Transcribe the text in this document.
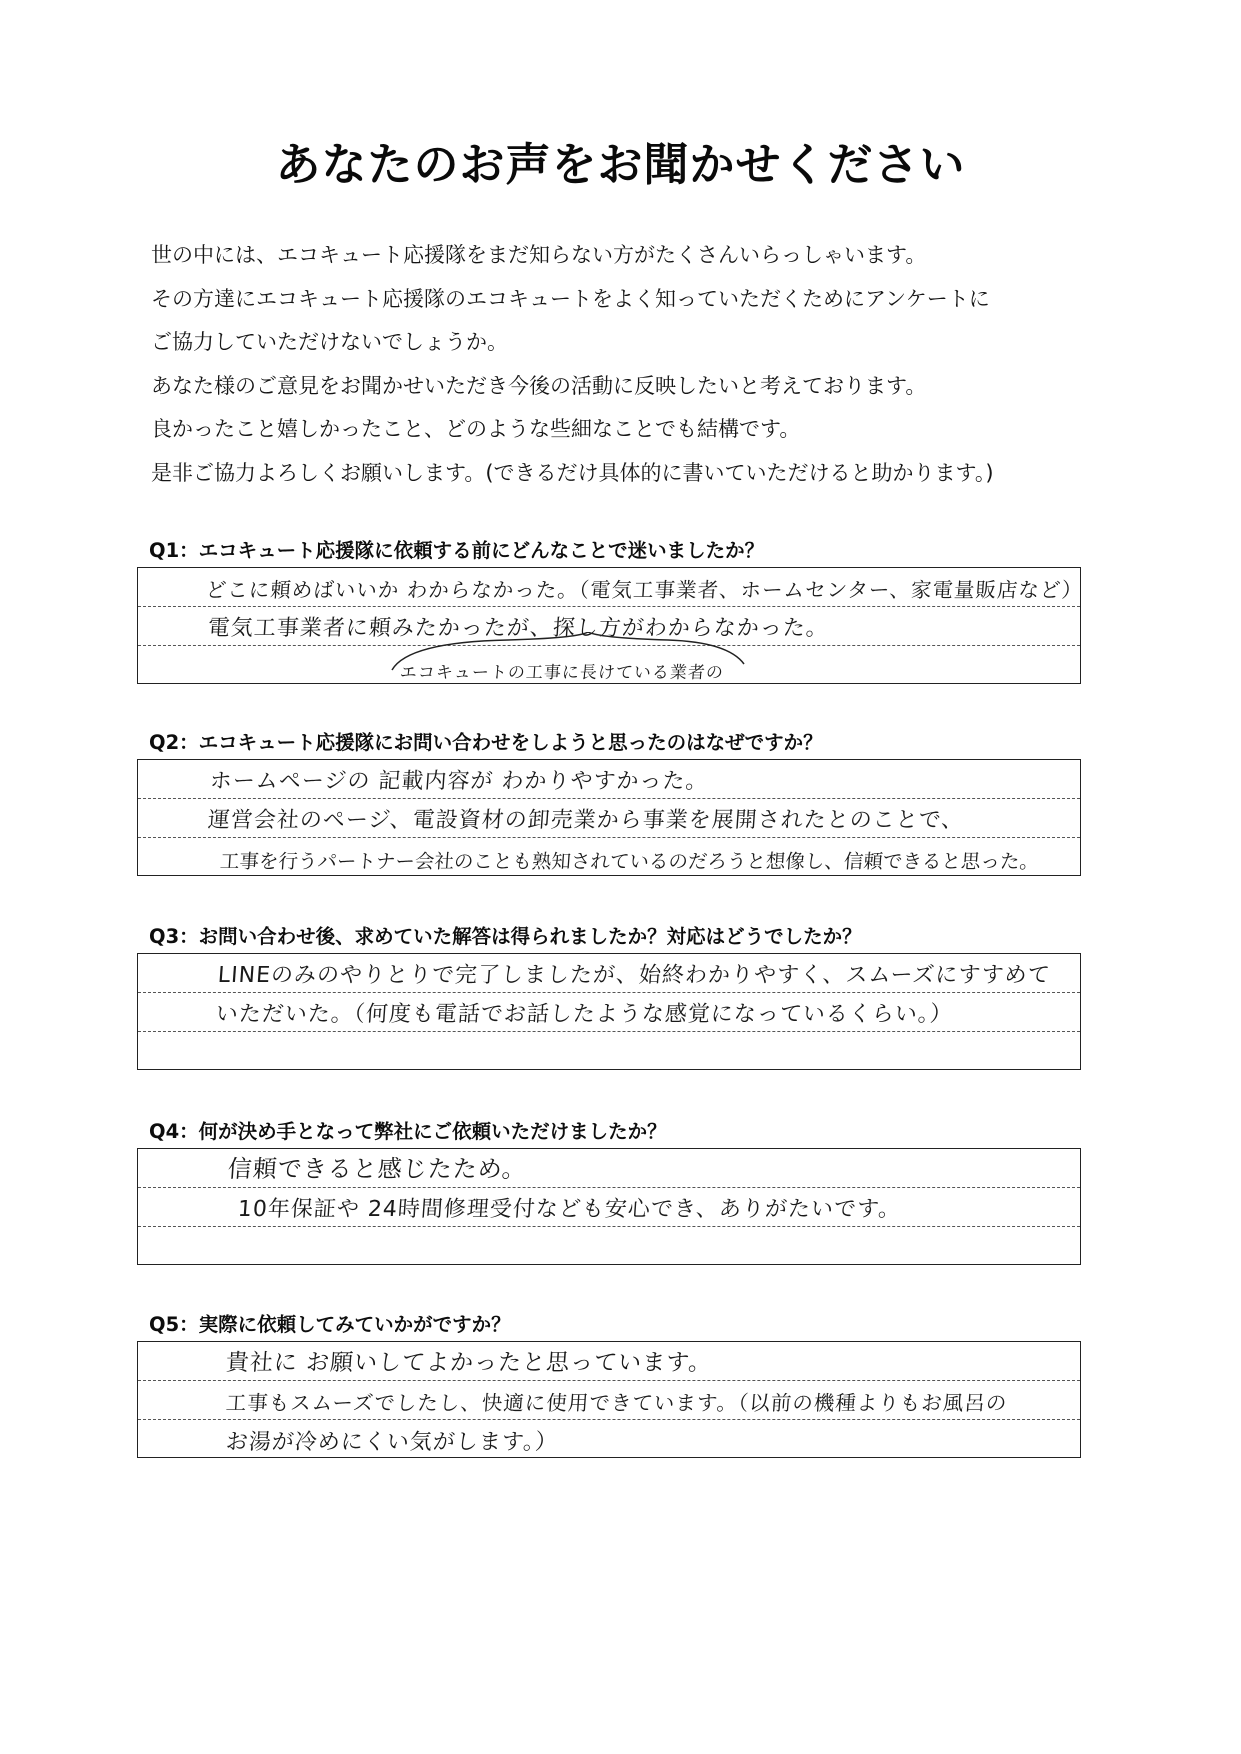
あなたのお声をお聞かせください
世の中には、エコキュート応援隊をまだ知らない方がたくさんいらっしゃいます。
その方達にエコキュート応援隊のエコキュートをよく知っていただくためにアンケートに
ご協力していただけないでしょうか。
あなた様のご意見をお聞かせいただき今後の活動に反映したいと考えております。
良かったこと嬉しかったこと、どのような些細なことでも結構です。
是非ご協力よろしくお願いします。(できるだけ具体的に書いていただけると助かります。)
Q1：エコキュート応援隊に依頼する前にどんなことで迷いましたか？
どこに頼めばいいか わからなかった。（電気工事業者、ホームセンター、家電量販店など）
電気工事業者に頼みたかったが、探し方がわからなかった。
エコキュートの工事に長けている業者の
Q2：エコキュート応援隊にお問い合わせをしようと思ったのはなぜですか？
ホームページの 記載内容が わかりやすかった。
運営会社のページ、電設資材の卸売業から事業を展開されたとのことで、
工事を行うパートナー会社のことも熟知されているのだろうと想像し、信頼できると思った。
Q3：お問い合わせ後、求めていた解答は得られましたか？対応はどうでしたか？
LINEのみのやりとりで完了しましたが、始終わかりやすく、スムーズにすすめて
いただいた。（何度も電話でお話したような感覚になっているくらい。）
Q4：何が決め手となって弊社にご依頼いただけましたか？
信頼できると感じたため。
10年保証や 24時間修理受付なども安心でき、ありがたいです。
Q5：実際に依頼してみていかがですか？
貴社に お願いしてよかったと思っています。
工事もスムーズでしたし、快適に使用できています。（以前の機種よりもお風呂の
お湯が冷めにくい気がします。）
